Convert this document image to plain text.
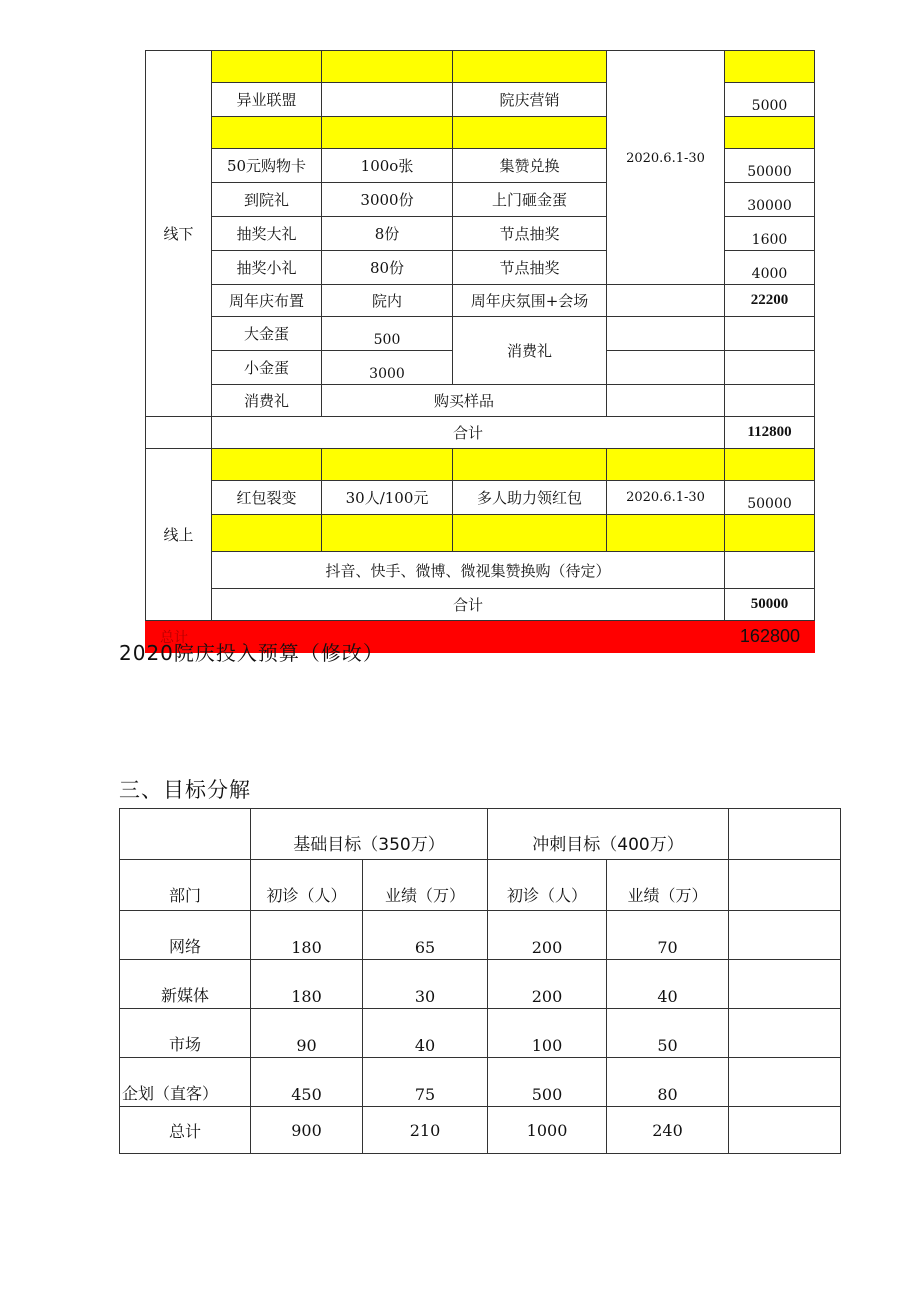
线下				2020.6.1-30	
	异业联盟		院庆营销		5000

	50元购物卡	100o张	集赞兑换		50000
	到院礼	3000份	上门砸金蛋		30000
	抽奖大礼	8份	节点抽奖		1600
	抽奖小礼	80份	节点抽奖		4000
	周年庆布置	院内	周年庆氛围+会场		22200
	大金蛋	500	消费礼		
	小金蛋	3000			
	消费礼	购买样品			
	合计				112800
线上					
	红包裂变	30人/100元	多人助力领红包	2020.6.1-30	50000

	抖音、快手、微博、微视集赞换购（待定）				
	合计				50000
总计					162800
2020院庆投入预算（修改）
三、目标分解
	基础目标（350万）		冲刺目标（400万）		
部门	初诊（人）	业绩（万）	初诊（人）	业绩（万）	
网络	180	65	200	70	
新媒体	180	30	200	40	
市场	90	40	100	50	
企划（直客）	450	75	500	80	
总计	900	210	1000	240	
